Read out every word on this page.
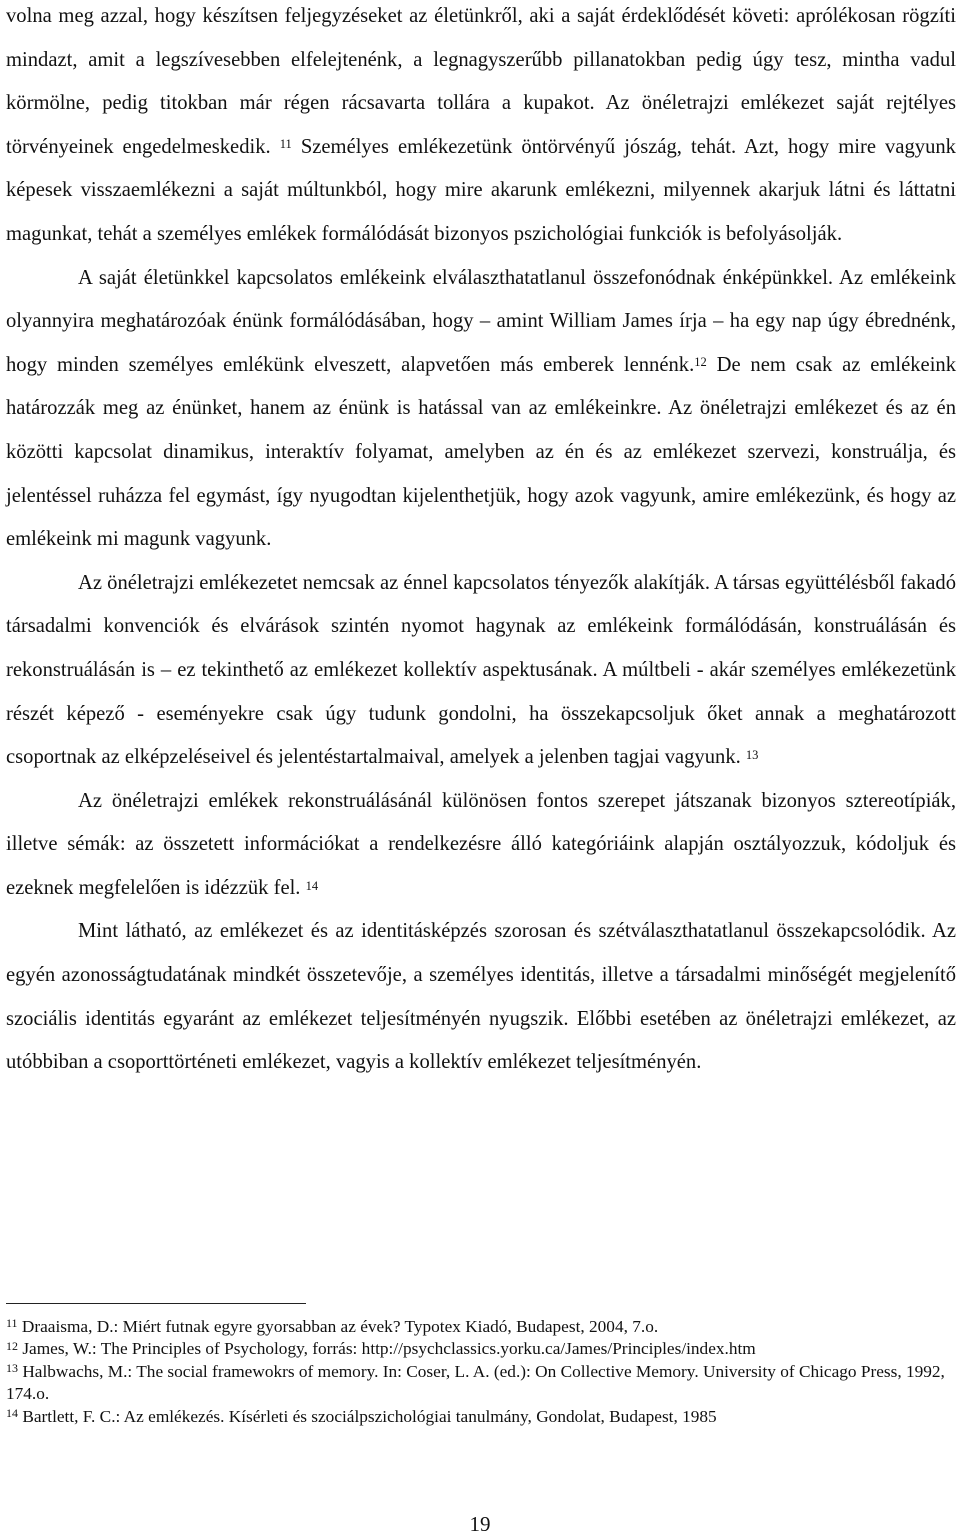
volna meg azzal, hogy készítsen feljegyzéseket az életünkről, aki a saját érdeklődését követi: aprólékosan rögzíti mindazt, amit a legszívesebben elfelejtenénk, a legnagyszerűbb pillanatokban pedig úgy tesz, mintha vadul körmölne, pedig titokban már régen rácsavarta tollára a kupakot. Az önéletrajzi emlékezet saját rejtélyes törvényeinek engedelmeskedik. $^{11}$ Személyes emlékezetünk öntörvényű jószág, tehát. Azt, hogy mire vagyunk képesek visszaemlékezni a saját múltunkból, hogy mire akarunk emlékezni, milyennek akarjuk látni és láttatni magunkat, tehát a személyes emlékek formálódását bizonyos pszichológiai funkciók is befolyásolják.

A saját életünkkel kapcsolatos emlékeink elválaszthatatlanul összefonódnak énképünkkel. Az emlékeink olyannyira meghatározóak énünk formálódásában, hogy – amint William James írja – ha egy nap úgy ébrednénk, hogy minden személyes emlékünk elveszett, alapvetően más emberek lennénk.$^{12}$ De nem csak az emlékeink határozzák meg az énünket, hanem az énünk is hatással van az emlékeinkre. Az önéletrajzi emlékezet és az én közötti kapcsolat dinamikus, interaktív folyamat, amelyben az én és az emlékezet szervezi, konstruálja, és jelentéssel ruházza fel egymást, így nyugodtan kijelenthetjük, hogy azok vagyunk, amire emlékezünk, és hogy az emlékeink mi magunk vagyunk.

Az önéletrajzi emlékezetet nemcsak az énnel kapcsolatos tényezők alakítják. A társas együttélésből fakadó társadalmi konvenciók és elvárások szintén nyomot hagynak az emlékeink formálódásán, konstruálásán és rekonstruálásán is – ez tekinthető az emlékezet kollektív aspektusának. A múltbeli - akár személyes emlékezetünk részét képező - eseményekre csak úgy tudunk gondolni, ha összekapcsoljuk őket annak a meghatározott csoportnak az elképzeléseivel és jelentéstartalmaival, amelyek a jelenben tagjai vagyunk. $^{13}$

Az önéletrajzi emlékek rekonstruálásánál különösen fontos szerepet játszanak bizonyos sztereotípiák, illetve sémák: az összetett információkat a rendelkezésre álló kategóriáink alapján osztályozzuk, kódoljuk és ezeknek megfelelően is idézzük fel. $^{14}$

Mint látható, az emlékezet és az identitásképzés szorosan és szétválaszthatatlanul összekapcsolódik. Az egyén azonosságtudatának mindkét összetevője, a személyes identitás, illetve a társadalmi minőségét megjelenítő szociális identitás egyaránt az emlékezet teljesítményén nyugszik. Előbbi esetében az önéletrajzi emlékezet, az utóbbiban a csoporttörténeti emlékezet, vagyis a kollektív emlékezet teljesítményén.

$^{11}$ Draaisma, D.: Miért futnak egyre gyorsabban az évek? Typotex Kiadó, Budapest, 2004, 7.o.

$^{12}$ James, W.: The Principles of Psychology, forrás: http://psychclassics.yorku.ca/James/Principles/index.htm

$^{13}$ Halbwachs, M.: The social framewokrs of memory. In: Coser, L. A. (ed.): On Collective Memory. University of Chicago Press, 1992, 174.o.

$^{14}$ Bartlett, F. C.: Az emlékezés. Kísérleti és szociálpszichológiai tanulmány, Gondolat, Budapest, 1985

19
